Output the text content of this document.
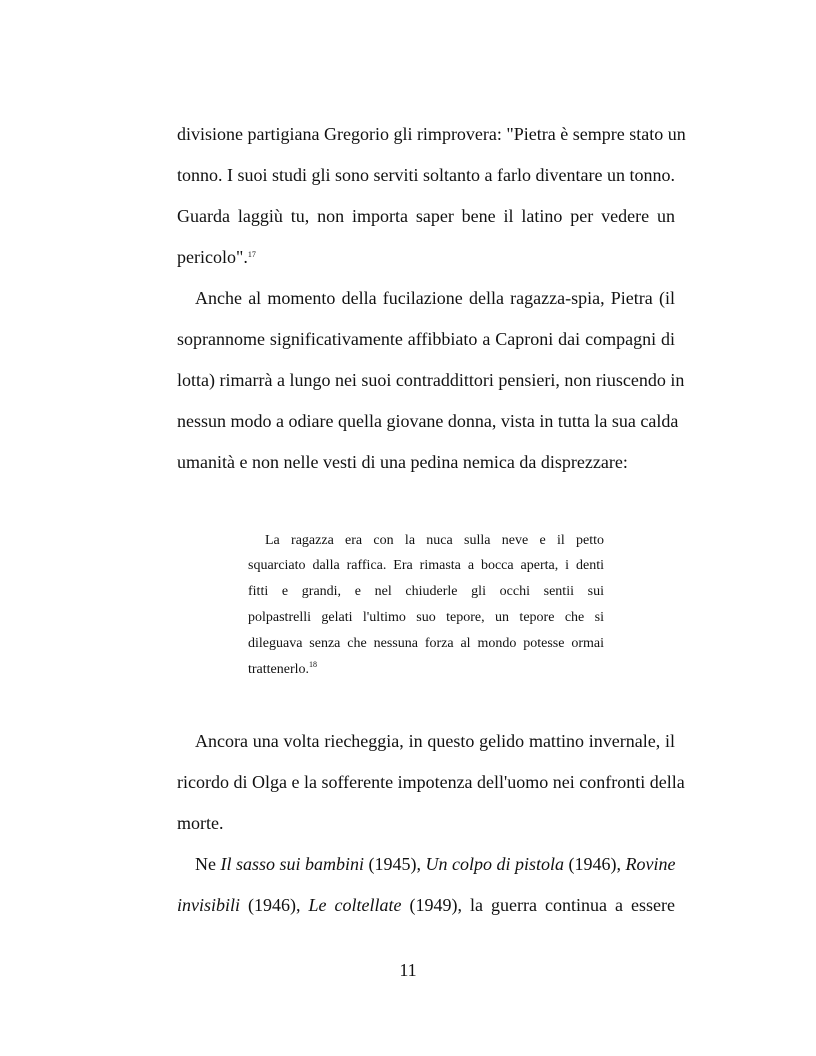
divisione partigiana Gregorio gli rimprovera: "Pietra è sempre stato un
tonno. I suoi studi gli sono serviti soltanto a farlo diventare un tonno.
Guarda laggiù tu, non importa saper bene il latino per vedere un
pericolo".$^{17}$
Anche al momento della fucilazione della ragazza-spia, Pietra (il
soprannome significativamente affibbiato a Caproni dai compagni di
lotta) rimarrà a lungo nei suoi contraddittori pensieri, non riuscendo in
nessun modo a odiare quella giovane donna, vista in tutta la sua calda
umanità e non nelle vesti di una pedina nemica da disprezzare:
La ragazza era con la nuca sulla neve e il petto
squarciato dalla raffica. Era rimasta a bocca aperta, i denti
fitti e grandi, e nel chiuderle gli occhi sentii sui
polpastrelli gelati l'ultimo suo tepore, un tepore che si
dileguava senza che nessuna forza al mondo potesse ormai
trattenerlo.$^{18}$
Ancora una volta riecheggia, in questo gelido mattino invernale, il
ricordo di Olga e la sofferente impotenza dell'uomo nei confronti della
morte.
Ne Il sasso sui bambini (1945), Un colpo di pistola (1946), Rovine
invisibili (1946), Le coltellate (1949), la guerra continua a essere
11
